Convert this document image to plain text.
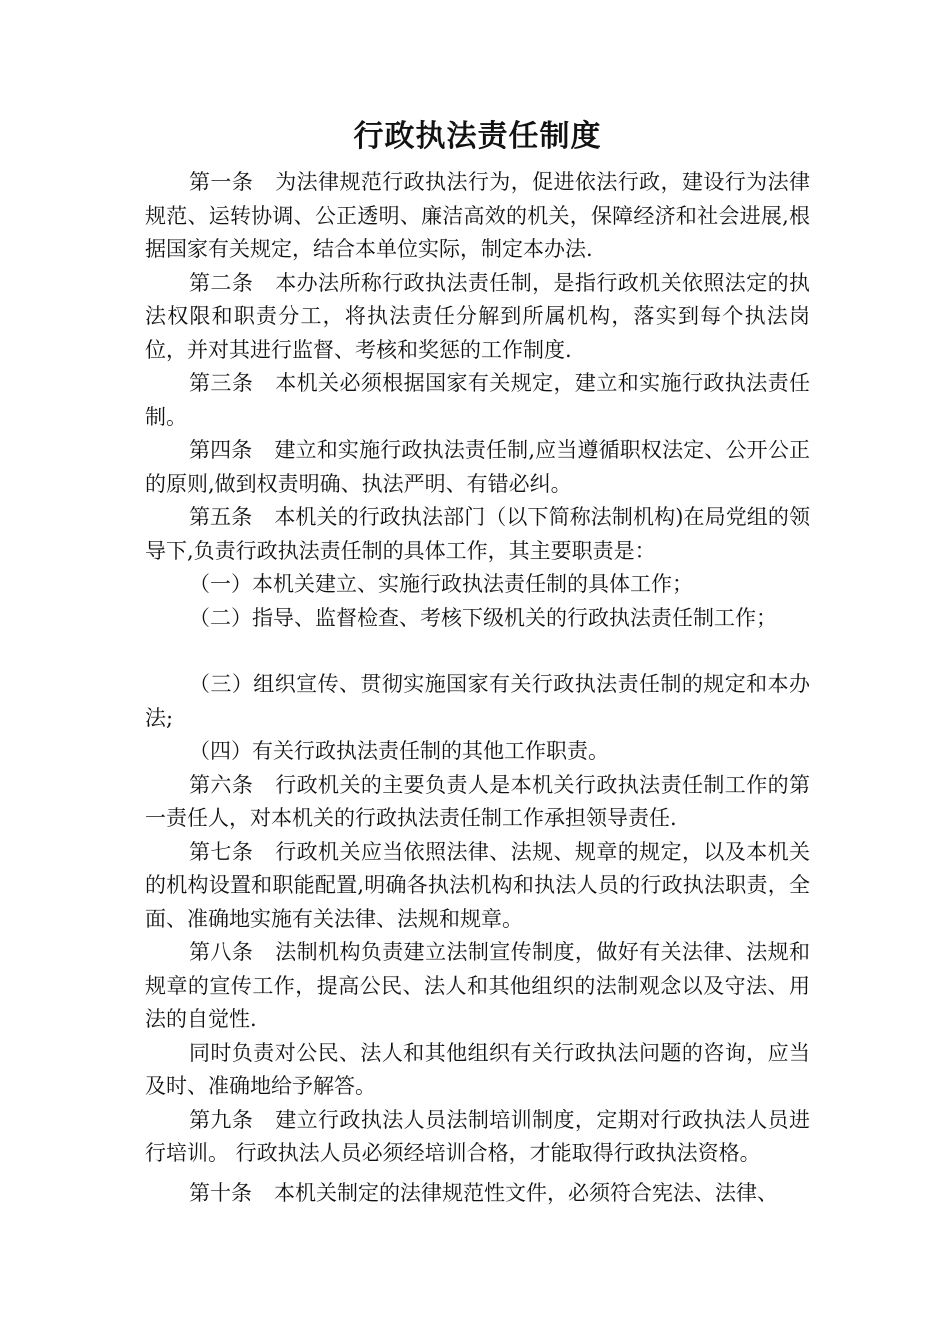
行政执法责任制度

第一条 为法律规范行政执法行为，促进依法行政，建设行为法律规范、运转协调、公正透明、廉洁高效的机关，保障经济和社会进展,根据国家有关规定，结合本单位实际，制定本办法.

第二条 本办法所称行政执法责任制，是指行政机关依照法定的执法权限和职责分工，将执法责任分解到所属机构，落实到每个执法岗位，并对其进行监督、考核和奖惩的工作制度.

第三条 本机关必须根据国家有关规定，建立和实施行政执法责任制。

第四条 建立和实施行政执法责任制,应当遵循职权法定、公开公正的原则,做到权责明确、执法严明、有错必纠。

第五条 本机关的行政执法部门（以下简称法制机构)在局党组的领导下,负责行政执法责任制的具体工作，其主要职责是：

（一）本机关建立、实施行政执法责任制的具体工作；

（二）指导、监督检查、考核下级机关的行政执法责任制工作；

（三）组织宣传、贯彻实施国家有关行政执法责任制的规定和本办法;

（四）有关行政执法责任制的其他工作职责。

第六条 行政机关的主要负责人是本机关行政执法责任制工作的第一责任人，对本机关的行政执法责任制工作承担领导责任.

第七条 行政机关应当依照法律、法规、规章的规定，以及本机关的机构设置和职能配置,明确各执法机构和执法人员的行政执法职责，全面、准确地实施有关法律、法规和规章。

第八条 法制机构负责建立法制宣传制度，做好有关法律、法规和规章的宣传工作，提高公民、法人和其他组织的法制观念以及守法、用法的自觉性.

同时负责对公民、法人和其他组织有关行政执法问题的咨询，应当及时、准确地给予解答。

第九条 建立行政执法人员法制培训制度，定期对行政执法人员进行培训。 行政执法人员必须经培训合格，才能取得行政执法资格。

第十条 本机关制定的法律规范性文件，必须符合宪法、法律、
